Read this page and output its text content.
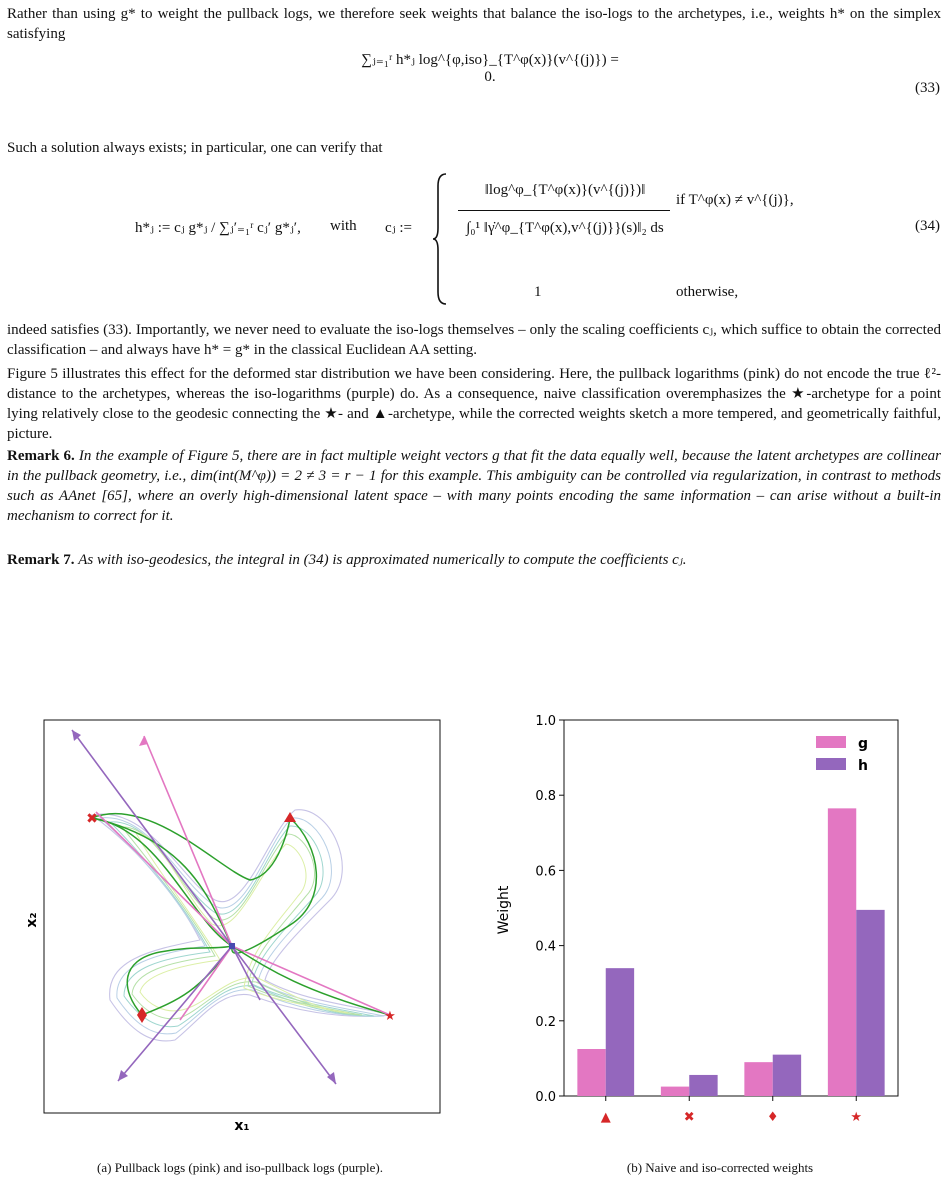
Rather than using g* to weight the pullback logs, we therefore seek weights that balance the iso-logs to the archetypes, i.e., weights h* on the simplex satisfying

∑ⱼ₌₁ʳ h*ⱼ log^{φ,iso}_{T^φ(x)}(v^{(j)}) = 0.
(33)

Such a solution always exists; in particular, one can verify that

h*ⱼ := cⱼ g*ⱼ / ∑ⱼ′₌₁ʳ cⱼ′ g*ⱼ′, with cⱼ :=
‖log^φ_{T^φ(x)}(v^{(j)})‖
∫₀¹ ‖γ̇^φ_{T^φ(x),v^{(j)}}(s)‖₂ ds
if T^φ(x) ≠ v^{(j)},
1	otherwise,
(34)

indeed satisfies (33). Importantly, we never need to evaluate the iso-logs themselves – only the scaling coefficients cⱼ, which suffice to obtain the corrected classification – and always have h* = g* in the classical Euclidean AA setting.

Figure 5 illustrates this effect for the deformed star distribution we have been considering. Here, the pullback logarithms (pink) do not encode the true ℓ²-distance to the archetypes, whereas the iso-logarithms (purple) do. As a consequence, naive classification overemphasizes the ★-archetype for a point lying relatively close to the geodesic connecting the ★- and ▲-archetype, while the corrected weights sketch a more tempered, and geometrically faithful, picture.

Remark 6. In the example of Figure 5, there are in fact multiple weight vectors g that fit the data equally well, because the latent archetypes are collinear in the pullback geometry, i.e., dim(int(M^φ)) = 2 ≠ 3 = r − 1 for this example. This ambiguity can be controlled via regularization, in contrast to methods such as AAnet [65], where an overly high-dimensional latent space – with many points encoding the same information – can arise without a built-in mechanism to correct for it.

Remark 7. As with iso-geodesics, the integral in (34) is approximated numerically to compute the coefficients cⱼ.

✖
★
x₁
x₂
(a) Pullback logs (pink) and iso-pullback logs (purple).
0.0
0.2
0.4
0.6
0.8
1.0
▲	✖	♦	★
g
h
Weight
(b) Naive and iso-corrected weights
